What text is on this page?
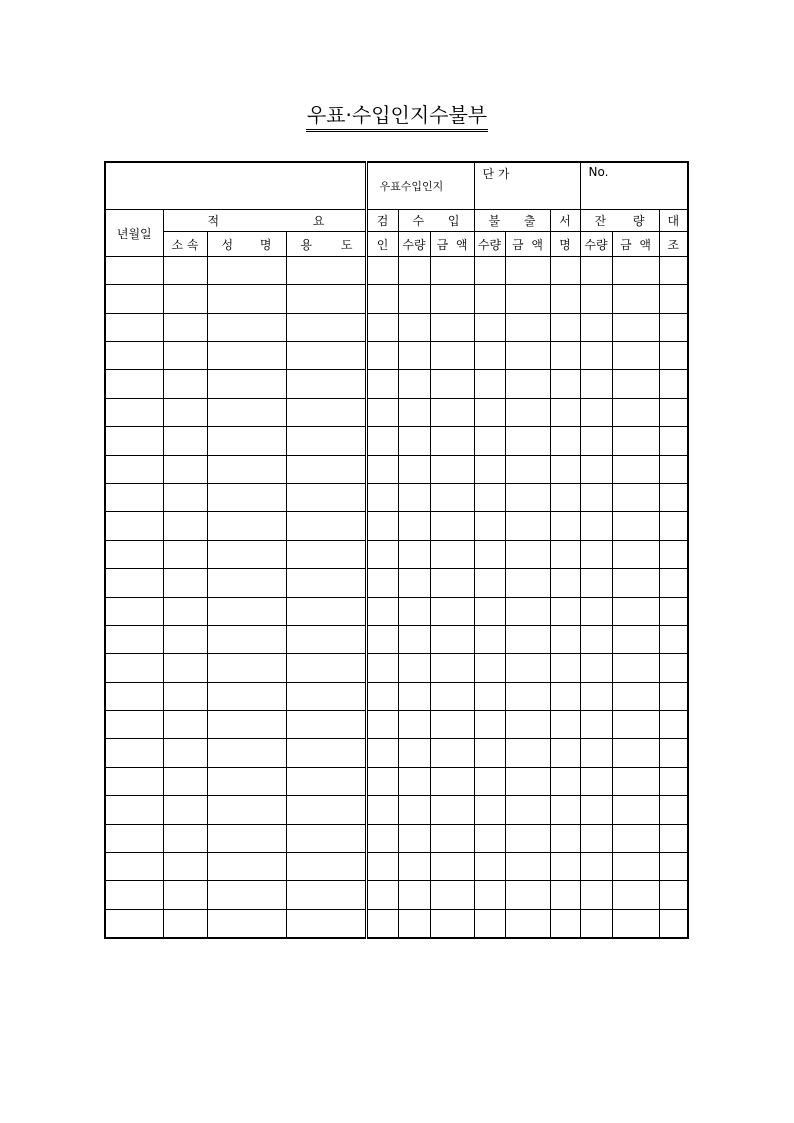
우표·수입인지수불부
				우표수입인지			단 가			No.		
년월일	적 요			검	수 입		불 출		서	잔 량		대

	소 속	성 명	용 도	인	수량	금 액	수량	금 액	명	수량	금 액	조
